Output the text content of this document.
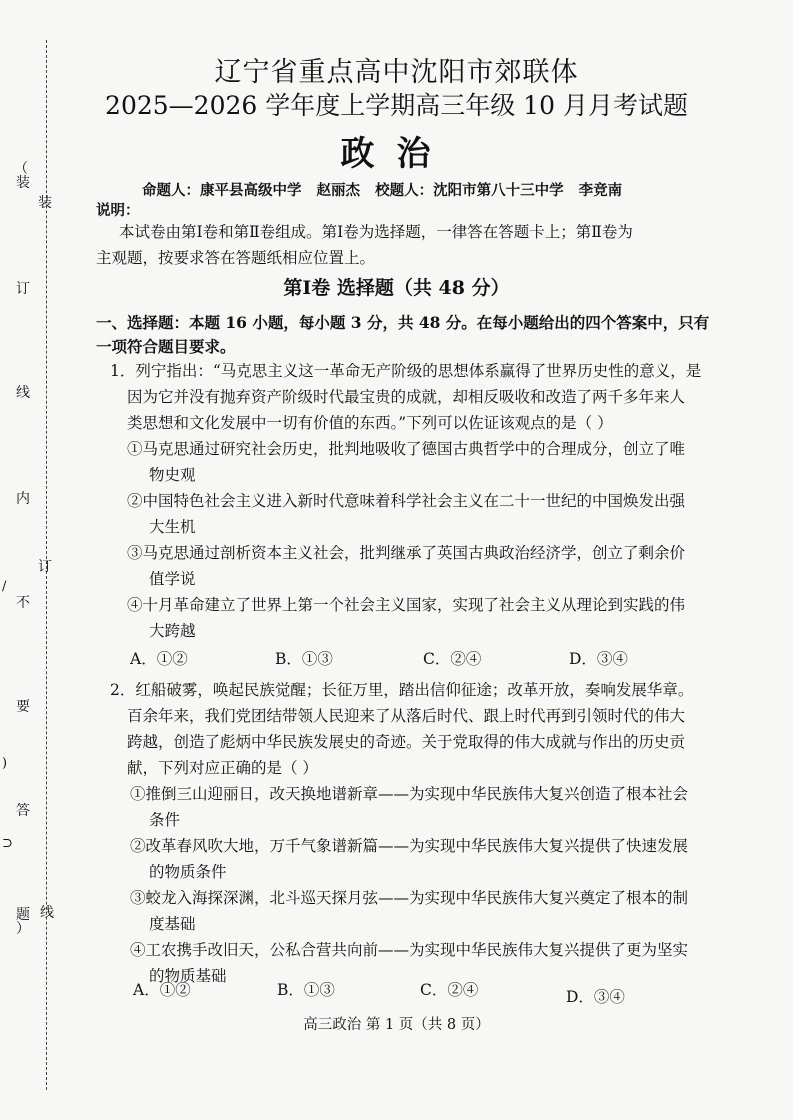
（
装
订
线
内
不
要
答
题
）
装
订
线
/
)
⊃
辽宁省重点高中沈阳市郊联体
2025—2026 学年度上学期高三年级 10 月月考试题
政治
命题人：康平县高级中学 赵丽杰 校题人：沈阳市第八十三中学 李竞南
说明：
本试卷由第Ⅰ卷和第Ⅱ卷组成。第Ⅰ卷为选择题，一律答在答题卡上；第Ⅱ卷为
主观题，按要求答在答题纸相应位置上。
第Ⅰ卷 选择题（共 48 分）
一、选择题：本题 16 小题，每小题 3 分，共 48 分。在每小题给出的四个答案中，只有
一项符合题目要求。
1．列宁指出：“马克思主义这一革命无产阶级的思想体系赢得了世界历史性的意义，是
因为它并没有抛弃资产阶级时代最宝贵的成就，却相反吸收和改造了两千多年来人
类思想和文化发展中一切有价值的东西。”下列可以佐证该观点的是（ ）
①马克思通过研究社会历史，批判地吸收了德国古典哲学中的合理成分，创立了唯
物史观
②中国特色社会主义进入新时代意味着科学社会主义在二十一世纪的中国焕发出强
大生机
③马克思通过剖析资本主义社会，批判继承了英国古典政治经济学，创立了剩余价
值学说
④十月革命建立了世界上第一个社会主义国家，实现了社会主义从理论到实践的伟
大跨越
A．①②	B．①③	C．②④	D．③④
2．红船破雾，唤起民族觉醒；长征万里，踏出信仰征途；改革开放，奏响发展华章。
百余年来，我们党团结带领人民迎来了从落后时代、跟上时代再到引领时代的伟大
跨越，创造了彪炳中华民族发展史的奇迹。关于党取得的伟大成就与作出的历史贡
献，下列对应正确的是（ ）
①推倒三山迎丽日，改天换地谱新章——为实现中华民族伟大复兴创造了根本社会
条件
②改革春风吹大地，万千气象谱新篇——为实现中华民族伟大复兴提供了快速发展
的物质条件
③蛟龙入海探深渊，北斗巡天探月弦——为实现中华民族伟大复兴奠定了根本的制
度基础
④工农携手改旧天，公私合营共向前——为实现中华民族伟大复兴提供了更为坚实
的物质基础
A．①②	B．①③	C．②④	D．③④
高三政治 第 1 页（共 8 页）
